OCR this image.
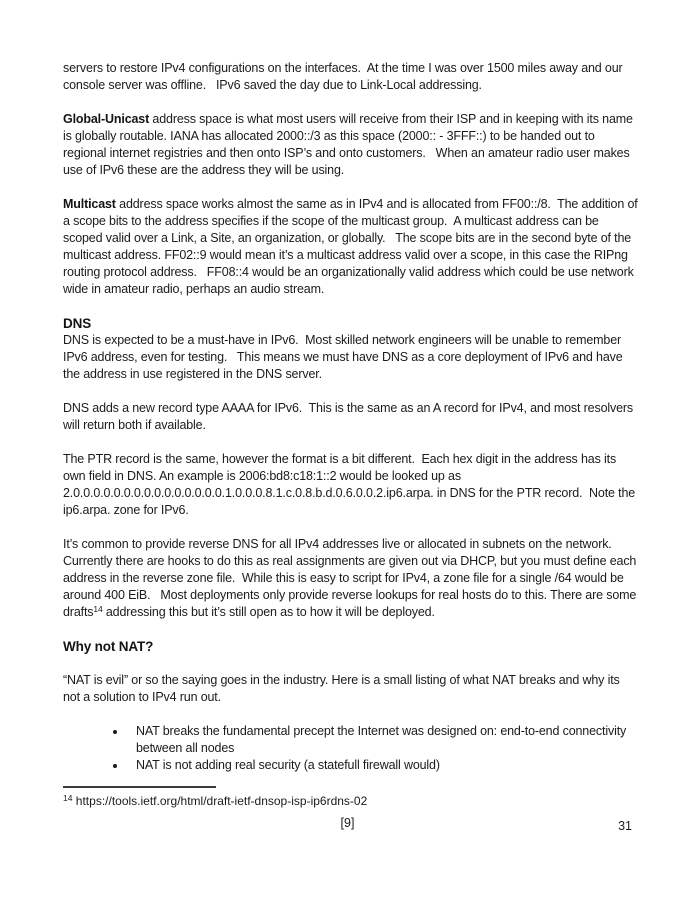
servers to restore IPv4 configurations on the interfaces.  At the time I was over 1500 miles away and our console server was offline.   IPv6 saved the day due to Link-Local addressing.

Global-Unicast address space is what most users will receive from their ISP and in keeping with its name is globally routable. IANA has allocated 2000::/3 as this space (2000:: - 3FFF::) to be handed out to regional internet registries and then onto ISP’s and onto customers.   When an amateur radio user makes use of IPv6 these are the address they will be using.

Multicast address space works almost the same as in IPv4 and is allocated from FF00::/8.  The addition of a scope bits to the address specifies if the scope of the multicast group.  A multicast address can be scoped valid over a Link, a Site, an organization, or globally.   The scope bits are in the second byte of the multicast address. FF02::9 would mean it’s a multicast address valid over a scope, in this case the RIPng routing protocol address.   FF08::4 would be an organizationally valid address which could be use network wide in amateur radio, perhaps an audio stream.

DNS

DNS is expected to be a must-have in IPv6.  Most skilled network engineers will be unable to remember IPv6 address, even for testing.   This means we must have DNS as a core deployment of IPv6 and have the address in use registered in the DNS server.

DNS adds a new record type AAAA for IPv6.  This is the same as an A record for IPv4, and most resolvers will return both if available.

The PTR record is the same, however the format is a bit different.  Each hex digit in the address has its own field in DNS. An example is 2006:bd8:c18:1::2 would be looked up as 2.0.0.0.0.0.0.0.0.0.0.0.0.0.0.0.1.0.0.0.8.1.c.0.8.b.d.0.6.0.0.2.ip6.arpa. in DNS for the PTR record.  Note the ip6.arpa. zone for IPv6.

It’s common to provide reverse DNS for all IPv4 addresses live or allocated in subnets on the network. Currently there are hooks to do this as real assignments are given out via DHCP, but you must define each address in the reverse zone file.  While this is easy to script for IPv4, a zone file for a single /64 would be around 400 EiB.   Most deployments only provide reverse lookups for real hosts do to this. There are some drafts$^{14}$ addressing this but it’s still open as to how it will be deployed.

Why not NAT?

“NAT is evil” or so the saying goes in the industry. Here is a small listing of what NAT breaks and why its not a solution to IPv4 run out.

• NAT breaks the fundamental precept the Internet was designed on: end-to-end connectivity between all nodes
• NAT is not adding real security (a statefull firewall would)
$^{14}$ https://tools.ietf.org/html/draft-ietf-dnsop-isp-ip6rdns-02
[9]	31
